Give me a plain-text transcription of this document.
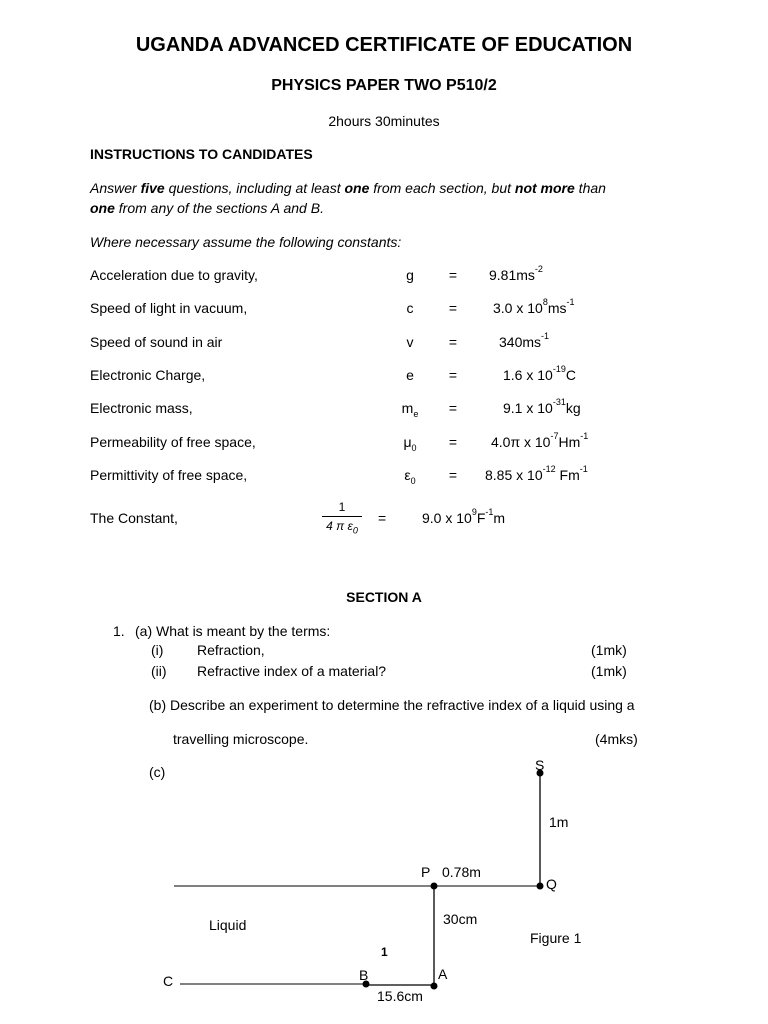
UGANDA ADVANCED CERTIFICATE OF EDUCATION
PHYSICS PAPER TWO P510/2
2hours 30minutes
INSTRUCTIONS TO CANDIDATES
Answer five questions, including at least one from each section, but not more than
one from any of the sections A and B.
Where necessary assume the following constants:
Acceleration due to gravity,	g	=	$9.81ms^{-2}$
Speed of light in vacuum,	c	=	3.0 x $10^8ms^{-1}$
Speed of sound in air	v	=	$340ms^{-1}$
Electronic Charge,	e	=	1.6 x $10^{-19}C$
Electronic mass,	$m_e$	=	9.1 x $10^{-31}kg$
Permeability of free space,	$\mu_0$	=	4.0π x $10^{-7}Hm^{-1}$
Permittivity of free space,	$\varepsilon_0$	=	8.85 x $10^{-12}$ $Fm^{-1}$
The Constant,
1
4 π $\varepsilon_0$
=	9.0 x $10^9F^{-1}m$
SECTION A
1. (a) What is meant by the terms:
(i) Refraction,	(1mk)
(ii) Refractive index of a material?	(1mk)
(b) Describe an experiment to determine the refractive index of a liquid using a
travelling microscope.	(4mks)
(c)	S
1m
P 0.78m
Q
Liquid	30cm
Figure 1
1
C	B	A
15.6cm
